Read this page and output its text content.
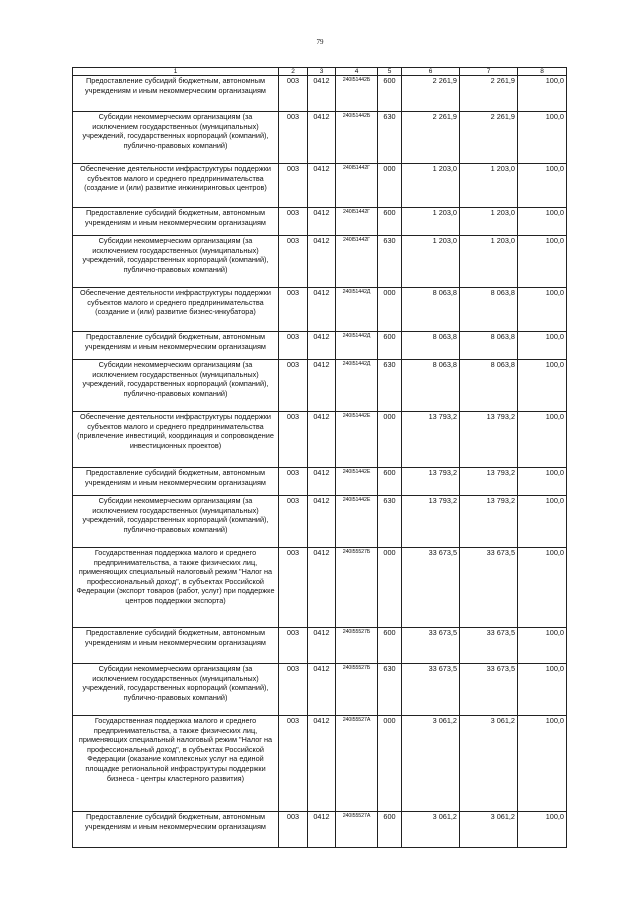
79
1	2	3	4	5	6	7	8
Предоставление субсидий бюджетным, автономным учреждениям и иным некоммерческим организациям	003	0412	240I51442Б	600	2 261,9	2 261,9	100,0
Субсидии некоммерческим организациям (за исключением государственных (муниципальных) учреждений, государственных корпораций (компаний), публично-правовых компаний)	003	0412	240I51442Б	630	2 261,9	2 261,9	100,0
Обеспечение деятельности инфраструктуры поддержки субъектов малого и среднего предпринимательства (создание и (или) развитие инжиниринговых центров)	003	0412	240I51442Г	000	1 203,0	1 203,0	100,0
Предоставление субсидий бюджетным, автономным учреждениям и иным некоммерческим организациям	003	0412	240I51442Г	600	1 203,0	1 203,0	100,0
Субсидии некоммерческим организациям (за исключением государственных (муниципальных) учреждений, государственных корпораций (компаний), публично-правовых компаний)	003	0412	240I51442Г	630	1 203,0	1 203,0	100,0
Обеспечение деятельности инфраструктуры поддержки субъектов малого и среднего предпринимательства (создание и (или) развитие бизнес-инкубатора)	003	0412	240I51442Д	000	8 063,8	8 063,8	100,0
Предоставление субсидий бюджетным, автономным учреждениям и иным некоммерческим организациям	003	0412	240I51442Д	600	8 063,8	8 063,8	100,0
Субсидии некоммерческим организациям (за исключением государственных (муниципальных) учреждений, государственных корпораций (компаний), публично-правовых компаний)	003	0412	240I51442Д	630	8 063,8	8 063,8	100,0
Обеспечение деятельности инфраструктуры поддержки субъектов малого и среднего предпринимательства (привлечение инвестиций, координация и сопровождение инвестиционных проектов)	003	0412	240I51442Е	000	13 793,2	13 793,2	100,0
Предоставление субсидий бюджетным, автономным учреждениям и иным некоммерческим организациям	003	0412	240I51442Е	600	13 793,2	13 793,2	100,0
Субсидии некоммерческим организациям (за исключением государственных (муниципальных) учреждений, государственных корпораций (компаний), публично-правовых компаний)	003	0412	240I51442Е	630	13 793,2	13 793,2	100,0
Государственная поддержка малого и среднего предпринимательства, а также физических лиц, применяющих специальный налоговый режим "Налог на профессиональный доход", в субъектах Российской Федерации (экспорт товаров (работ, услуг) при поддержке центров поддержки экспорта)	003	0412	240I55527Б	000	33 673,5	33 673,5	100,0
Предоставление субсидий бюджетным, автономным учреждениям и иным некоммерческим организациям	003	0412	240I55527Б	600	33 673,5	33 673,5	100,0
Субсидии некоммерческим организациям (за исключением государственных (муниципальных) учреждений, государственных корпораций (компаний), публично-правовых компаний)	003	0412	240I55527Б	630	33 673,5	33 673,5	100,0
Государственная поддержка малого и среднего предпринимательства, а также физических лиц, применяющих специальный налоговый режим "Налог на профессиональный доход", в субъектах Российской Федерации (оказание комплексных услуг на единой площадке региональной инфраструктуры поддержки бизнеса - центры кластерного развития)	003	0412	240I55527А	000	3 061,2	3 061,2	100,0
Предоставление субсидий бюджетным, автономным учреждениям и иным некоммерческим организациям	003	0412	240I55527А	600	3 061,2	3 061,2	100,0
